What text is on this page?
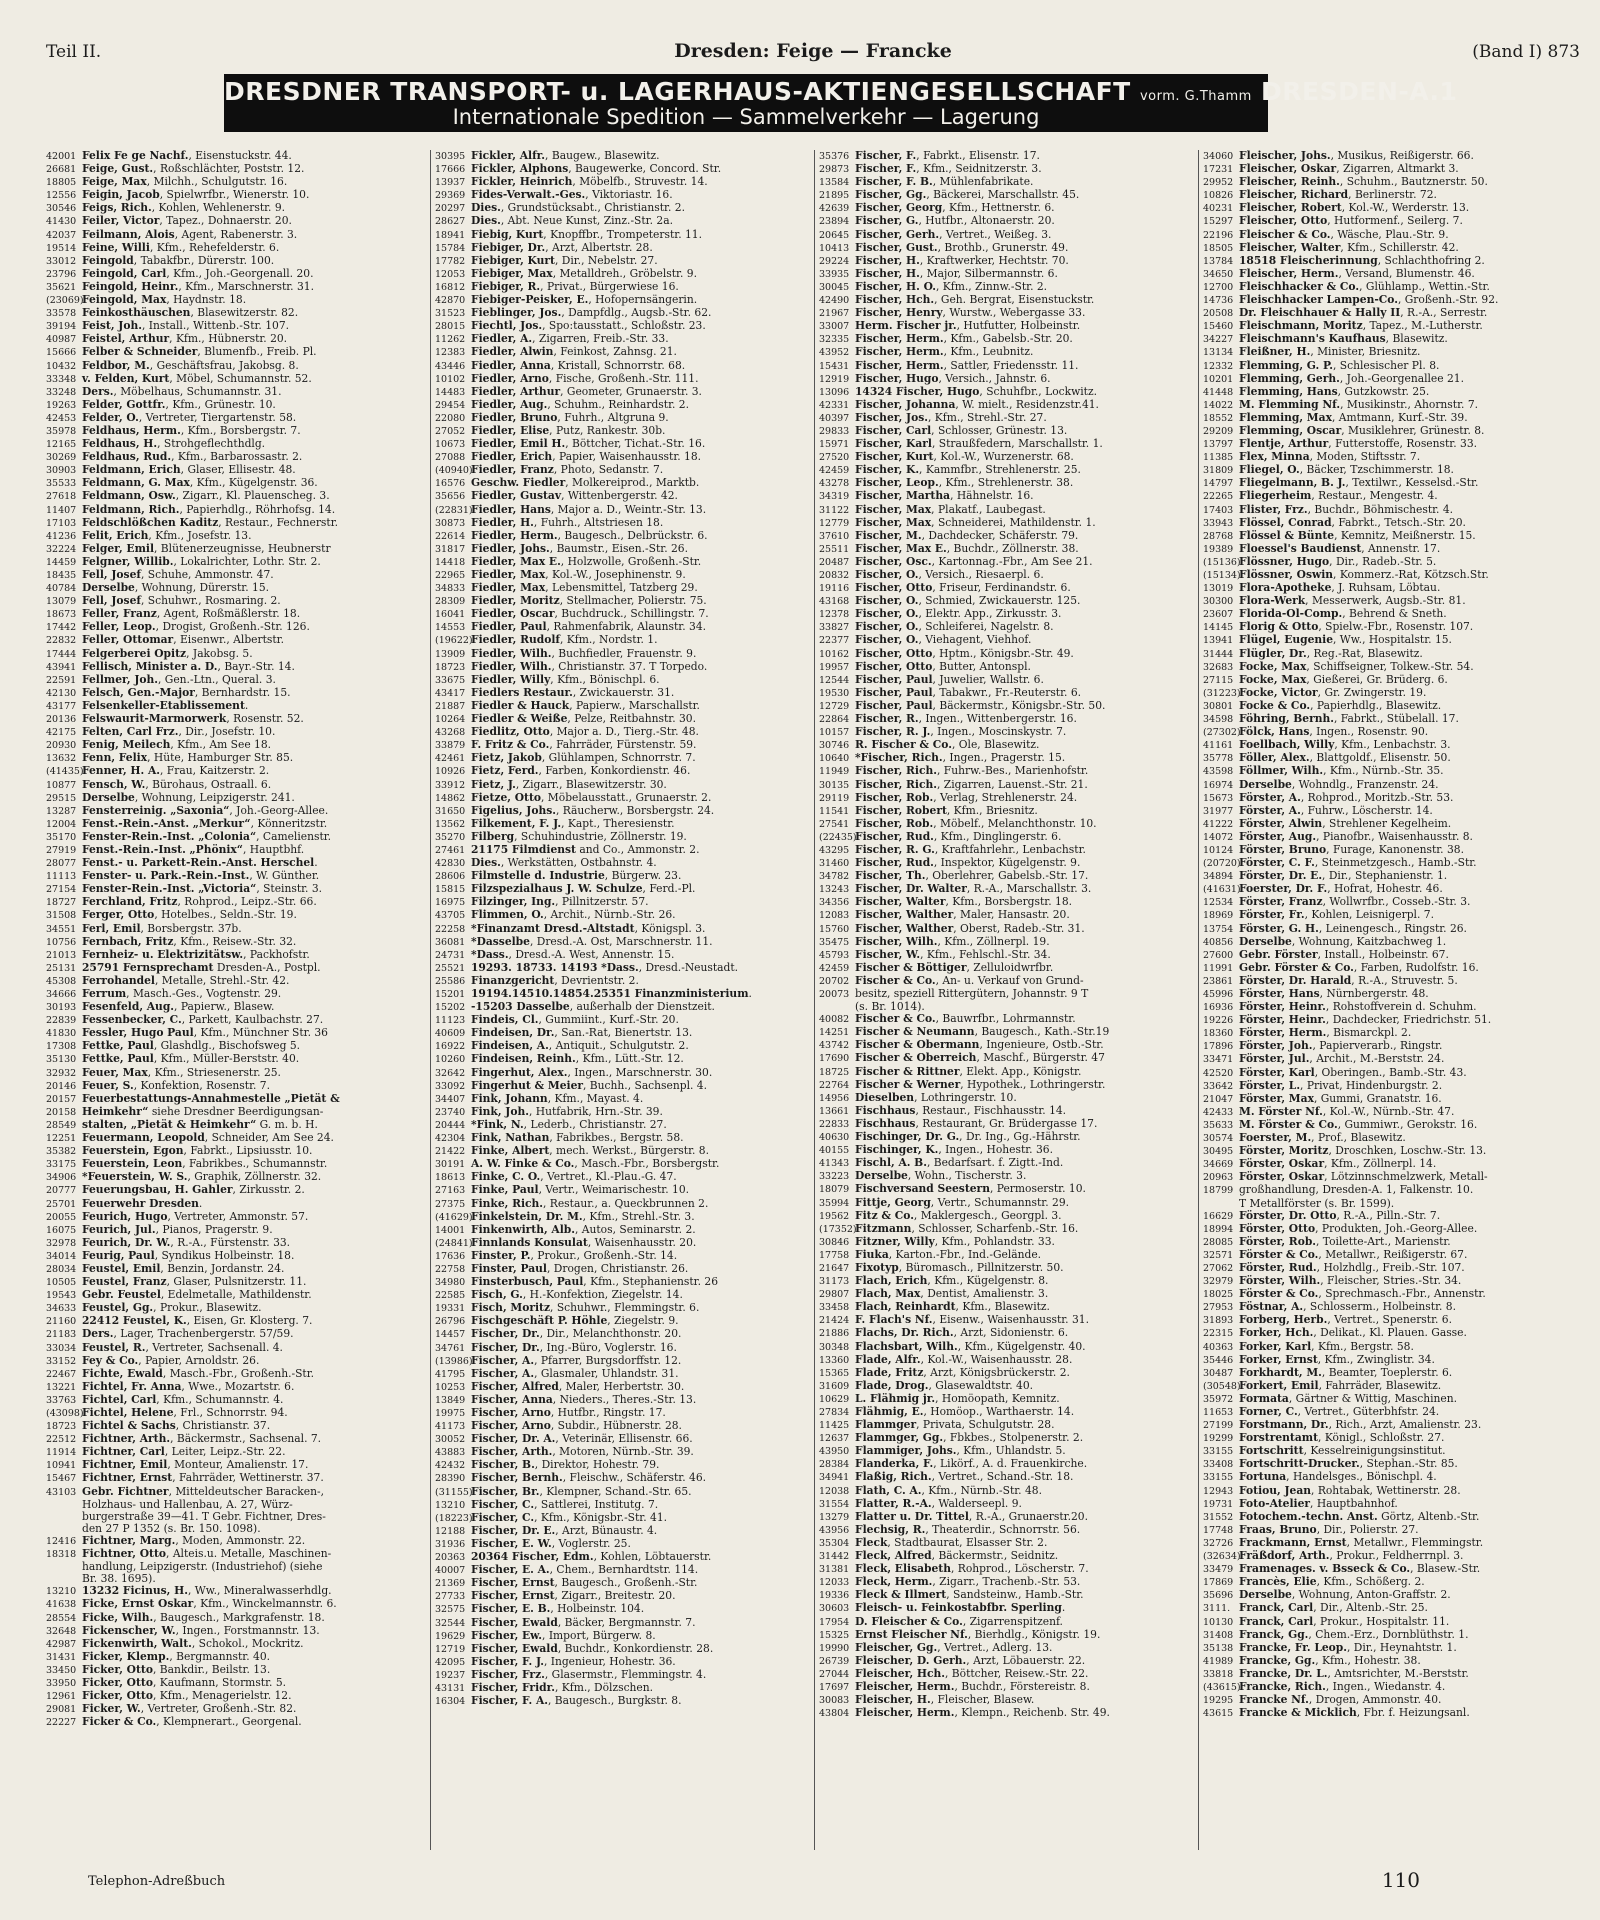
Teil II.	Dresden: Feige — Francke	(Band I) 873
DRESDNER TRANSPORT- u. LAGERHAUS-AKTIENGESELLSCHAFT vorm. G.Thamm DRESDEN-A.1
Internationale Spedition — Sammelverkehr — Lagerung
42001 Felix Fe ge Nachf., Eisenstuckstr. 44.
26681 Feige, Gust., Roßschlächter, Poststr. 12.
18805 Feige, Max, Milchh., Schulgutstr. 16.
12556 Feigin, Jacob, Spielwrfbr., Wienerstr. 10.
30546 Feigs, Rich., Kohlen, Wehlenerstr. 9.
41430 Feiler, Victor, Tapez., Dohnaerstr. 20.
42037 Feilmann, Alois, Agent, Rabenerstr. 3.
19514 Feine, Willi, Kfm., Rehefelderstr. 6.
33012 Feingold, Tabakfbr., Dürerstr. 100.
23796 Feingold, Carl, Kfm., Joh.-Georgenall. 20.
35621 Feingold, Heinr., Kfm., Marschnerstr. 31.
(23069)Feingold, Max, Haydnstr. 18.
33578 Feinkosthäuschen, Blasewitzerstr. 82.
39194 Feist, Joh., Install., Wittenb.-Str. 107.
40987 Feistel, Arthur, Kfm., Hübnerstr. 20.
15666 Felber & Schneider, Blumenfb., Freib. Pl.
10432 Feldbor, M., Geschäftsfrau, Jakobsg. 8.
33348 v. Felden, Kurt, Möbel, Schumannstr. 52.
33248 Ders., Möbelhaus, Schumannstr. 31.
19263 Felder, Gottfr., Kfm., Grünestr. 10.
42453 Felder, O., Vertreter, Tiergartenstr. 58.
35978 Feldhaus, Herm., Kfm., Borsbergstr. 7.
12165 Feldhaus, H., Strohgeflechthdlg.
30269 Feldhaus, Rud., Kfm., Barbarossastr. 2.
30903 Feldmann, Erich, Glaser, Ellisestr. 48.
35533 Feldmann, G. Max, Kfm., Kügelgenstr. 36.
27618 Feldmann, Osw., Zigarr., Kl. Plauenscheg. 3.
11407 Feldmann, Rich., Papierhdlg., Röhrhofsg. 14.
17103 Feldschlößchen Kaditz, Restaur., Fechnerstr.
41236 Felit, Erich, Kfm., Josefstr. 13.
32224 Felger, Emil, Blütenerzeugnisse, Heubnerstr
14459 Felgner, Willib., Lokalrichter, Lothr. Str. 2.
18435 Fell, Josef, Schuhe, Ammonstr. 47.
40784 Derselbe, Wohnung, Dürerstr. 15.
13079 Fell, Josef, Schuhwr., Rosmaring. 2.
18673 Feller, Franz, Agent, Roßmäßlerstr. 18.
17442 Feller, Leop., Drogist, Großenh.-Str. 126.
22832 Feller, Ottomar, Eisenwr., Albertstr.
17444 Felgerberei Opitz, Jakobsg. 5.
43941 Fellisch, Minister a. D., Bayr.-Str. 14.
22591 Fellmer, Joh., Gen.-Ltn., Queral. 3.
42130 Felsch, Gen.-Major, Bernhardstr. 15.
43177 Felsenkeller-Etablissement.
20136 Felswaurit-Marmorwerk, Rosenstr. 52.
42175 Felten, Carl Frz., Dir., Josefstr. 10.
20930 Fenig, Meilech, Kfm., Am See 18.
13632 Fenn, Felix, Hüte, Hamburger Str. 85.
(41435)Fenner, H. A., Frau, Kaitzerstr. 2.
10877 Fensch, W., Bürohaus, Ostraall. 6.
29515 Derselbe, Wohnung, Leipzigerstr. 241.
13287 Fensterreinig. „Saxonia“, Joh.-Georg-Allee.
12004 Fenst.-Rein.-Anst. „Merkur“, Könneritzstr.
35170 Fenster-Rein.-Inst. „Colonia“, Camelienstr.
27919 Fenst.-Rein.-Inst. „Phönix“, Hauptbhf.
28077 Fenst.- u. Parkett-Rein.-Anst. Herschel.
11113 Fenster- u. Park.-Rein.-Inst., W. Günther.
27154 Fenster-Rein.-Inst. „Victoria“, Steinstr. 3.
18727 Ferchland, Fritz, Rohprod., Leipz.-Str. 66.
31508 Ferger, Otto, Hotelbes., Seldn.-Str. 19.
34551 Ferl, Emil, Borsbergstr. 37b.
10756 Fernbach, Fritz, Kfm., Reisew.-Str. 32.
21013 Fernheiz- u. Elektrizitätsw., Packhofstr.
25131 25791 Fernsprechamt Dresden-A., Postpl.
45308 Ferrohandel, Metalle, Strehl.-Str. 42.
34666 Ferrum, Masch.-Ges., Vogtenstr. 29.
30193 Fesenfeld, Aug., Papierw., Blasew.
22839 Fessenbecker, C., Parkett, Kaulbachstr. 27.
41830 Fessler, Hugo Paul, Kfm., Münchner Str. 36
17308 Fettke, Paul, Glashdlg., Bischofsweg 5.
35130 Fettke, Paul, Kfm., Müller-Berststr. 40.
32932 Feuer, Max, Kfm., Striesenerstr. 25.
20146 Feuer, S., Konfektion, Rosenstr. 7.
20157 Feuerbestattungs-Annahmestelle „Pietät &
20158 Heimkehr“ siehe Dresdner Beerdigungsan-
28549 stalten, „Pietät & Heimkehr“ G. m. b. H.
12251 Feuermann, Leopold, Schneider, Am See 24.
35382 Feuerstein, Egon, Fabrkt., Lipsiusstr. 10.
33175 Feuerstein, Leon, Fabrikbes., Schumannstr.
34906 *Feuerstein, W. S., Graphik, Zöllnerstr. 32.
20777 Feuerungsbau, H. Gahler, Zirkusstr. 2.
25701 Feuerwehr Dresden.
20055 Feurich, Hugo, Vertreter, Ammonstr. 57.
16075 Feurich, Jul., Pianos, Pragerstr. 9.
32978 Feurich, Dr. W., R.-A., Fürstenstr. 33.
34014 Feurig, Paul, Syndikus Holbeinstr. 18.
28034 Feustel, Emil, Benzin, Jordanstr. 24.
10505 Feustel, Franz, Glaser, Pulsnitzerstr. 11.
19543 Gebr. Feustel, Edelmetalle, Mathildenstr.
34633 Feustel, Gg., Prokur., Blasewitz.
21160 22412 Feustel, K., Eisen, Gr. Klosterg. 7.
21183 Ders., Lager, Trachenbergerstr. 57/59.
33034 Feustel, R., Vertreter, Sachsenall. 4.
33152 Fey & Co., Papier, Arnoldstr. 26.
22467 Fichte, Ewald, Masch.-Fbr., Großenh.-Str.
13221 Fichtel, Fr. Anna, Wwe., Mozartstr. 6.
33763 Fichtel, Carl, Kfm., Schumannstr. 4.
(43098)Fichtel, Helene, Frl., Schnorrstr. 94.
18723 Fichtel & Sachs, Christianstr. 37.
22512 Fichtner, Arth., Bäckermstr., Sachsenal. 7.
11914 Fichtner, Carl, Leiter, Leipz.-Str. 22.
10941 Fichtner, Emil, Monteur, Amalienstr. 17.
15467 Fichtner, Ernst, Fahrräder, Wettinerstr. 37.
43103 Gebr. Fichtner, Mitteldeutscher Baracken-,
Holzhaus- und Hallenbau, A. 27, Würz-
burgerstraße 39—41. T Gebr. Fichtner, Dres-
den 27 P 1352 (s. Br. 150. 1098).
12416 Fichtner, Marg., Moden, Ammonstr. 22.
18318 Fichtner, Otto, Alteis.u. Metalle, Maschinen-
handlung, Leipzigerstr. (Industriehof) (siehe
Br. 38. 1695).
13210 13232 Ficinus, H., Ww., Mineralwasserhdlg.
41638 Ficke, Ernst Oskar, Kfm., Winckelmannstr. 6.
28554 Ficke, Wilh., Baugesch., Markgrafenstr. 18.
32648 Fickenscher, W., Ingen., Forstmannstr. 13.
42987 Fickenwirth, Walt., Schokol., Mockritz.
31431 Ficker, Klemp., Bergmannstr. 40.
33450 Ficker, Otto, Bankdir., Beilstr. 13.
33950 Ficker, Otto, Kaufmann, Stormstr. 5.
12961 Ficker, Otto, Kfm., Menagerielstr. 12.
29081 Ficker, W., Vertreter, Großenh.-Str. 82.
22227 Ficker & Co., Klempnerart., Georgenal.
30395 Fickler, Alfr., Baugew., Blasewitz.
17666 Fickler, Alphons, Baugewerke, Concord. Str.
13937 Fickler, Heinrich, Möbelfb., Struvestr. 14.
29369 Fides-Verwalt.-Ges., Viktoriastr. 16.
20297 Dies., Grundstücksabt., Christianstr. 2.
28627 Dies., Abt. Neue Kunst, Zinz.-Str. 2a.
18941 Fiebig, Kurt, Knopffbr., Trompeterstr. 11.
15784 Fiebiger, Dr., Arzt, Albertstr. 28.
17782 Fiebiger, Kurt, Dir., Nebelstr. 27.
12053 Fiebiger, Max, Metalldreh., Gröbelstr. 9.
16812 Fiebiger, R., Privat., Bürgerwiese 16.
42870 Fiebiger-Peisker, E., Hofopernsängerin.
31523 Fieblinger, Jos., Dampfdlg., Augsb.-Str. 62.
28015 Fiechtl, Jos., Spo:tausstatt., Schloßstr. 23.
11262 Fiedler, A., Zigarren, Freib.-Str. 33.
12383 Fiedler, Alwin, Feinkost, Zahnsg. 21.
43446 Fiedler, Anna, Kristall, Schnorrstr. 68.
10102 Fiedler, Arno, Fische, Großenh.-Str. 111.
14483 Fiedler, Arthur, Geometer, Grunaerstr. 3.
29454 Fiedler, Aug., Schuhm., Reinhardstr. 2.
22080 Fiedler, Bruno, Fuhrh., Altgruna 9.
27052 Fiedler, Elise, Putz, Rankestr. 30b.
10673 Fiedler, Emil H., Böttcher, Tichat.-Str. 16.
27088 Fiedler, Erich, Papier, Waisenhausstr. 18.
(40940)Fiedler, Franz, Photo, Sedanstr. 7.
16576 Geschw. Fiedler, Molkereiprod., Marktb.
35656 Fiedler, Gustav, Wittenbergerstr. 42.
(22831)Fiedler, Hans, Major a. D., Weintr.-Str. 13.
30873 Fiedler, H., Fuhrh., Altstriesen 18.
22614 Fiedler, Herm., Baugesch., Delbrückstr. 6.
31817 Fiedler, Johs., Baumstr., Eisen.-Str. 26.
14418 Fiedler, Max E., Holzwolle, Großenh.-Str.
22965 Fiedler, Max, Kol.-W., Josephinenstr. 9.
34833 Fiedler, Max, Lebensmittel, Tatzberg 29.
28309 Fiedler, Moritz, Stellmacher, Polierstr. 75.
16041 Fiedler, Oscar, Buchdruck., Schillingstr. 7.
14553 Fiedler, Paul, Rahmenfabrik, Alaunstr. 34.
(19622)Fiedler, Rudolf, Kfm., Nordstr. 1.
13909 Fiedler, Wilh., Buchfiedler, Frauenstr. 9.
18723 Fiedler, Wilh., Christianstr. 37. T Torpedo.
33675 Fiedler, Willy, Kfm., Bönischpl. 6.
43417 Fiedlers Restaur., Zwickauerstr. 31.
21887 Fiedler & Hauck, Papierw., Marschallstr.
10264 Fiedler & Weiße, Pelze, Reitbahnstr. 30.
43268 Fiedlitz, Otto, Major a. D., Tierg.-Str. 48.
33879 F. Fritz & Co., Fahrräder, Fürstenstr. 59.
42461 Fietz, Jakob, Glühlampen, Schnorrstr. 7.
10926 Fietz, Ferd., Farben, Konkordienstr. 46.
33912 Fietz, J., Zigarr., Blasewitzerstr. 30.
14862 Fietze, Otto, Möbelausstatt., Grunaerstr. 2.
31650 Figelius, Johs., Räucherw., Borsbergstr. 24.
13562 Filkement, F. J., Kapt., Theresienstr.
35270 Filberg, Schuhindustrie, Zöllnerstr. 19.
27461 21175 Filmdienst and Co., Ammonstr. 2.
42830 Dies., Werkstätten, Ostbahnstr. 4.
28606 Filmstelle d. Industrie, Bürgerw. 23.
15815 Filzspezialhaus J. W. Schulze, Ferd.-Pl.
16975 Filzinger, Ing., Pillnitzerstr. 57.
43705 Flimmen, O., Archit., Nürnb.-Str. 26.
22258 *Finanzamt Dresd.-Altstadt, Königspl. 3.
36081 *Dasselbe, Dresd.-A. Ost, Marschnerstr. 11.
24731 *Dass., Dresd.-A. West, Annenstr. 15.
25521 19293. 18733. 14193 *Dass., Dresd.-Neustadt.
25586 Finanzgericht, Devrientstr. 2.
15201 19194.14510.14854.25351 Finanzministerium.
15202 -15203 Dasselbe, außerhalb der Dienstzeit.
11123 Findeis, Cl., Gummiint., Kurf.-Str. 20.
40609 Findeisen, Dr., San.-Rat, Bienertstr. 13.
16922 Findeisen, A., Antiquit., Schulgutstr. 2.
10260 Findeisen, Reinh., Kfm., Lütt.-Str. 12.
32642 Fingerhut, Alex., Ingen., Marschnerstr. 30.
33092 Fingerhut & Meier, Buchh., Sachsenpl. 4.
34407 Fink, Johann, Kfm., Mayast. 4.
23740 Fink, Joh., Hutfabrik, Hrn.-Str. 39.
20444 *Fink, N., Lederb., Christianstr. 27.
42304 Fink, Nathan, Fabrikbes., Bergstr. 58.
21422 Finke, Albert, mech. Werkst., Bürgerstr. 8.
30191 A. W. Finke & Co., Masch.-Fbr., Borsbergstr.
18613 Finke, C. O., Vertret., Kl.-Plau.-G. 47.
27163 Finke, Paul, Vertr., Weimarischestr. 10.
27375 Finke, Rich., Restaur., a. Queckbrunnen 2.
(41629)Finkelstein, Dr. M., Kfm., Strehl.-Str. 3.
14001 Finkenwirth, Alb., Autos, Seminarstr. 2.
(24841)Finnlands Konsulat, Waisenhausstr. 20.
17636 Finster, P., Prokur., Großenh.-Str. 14.
22758 Finster, Paul, Drogen, Christianstr. 26.
34980 Finsterbusch, Paul, Kfm., Stephanienstr. 26
22585 Fisch, G., H.-Konfektion, Ziegelstr. 14.
19331 Fisch, Moritz, Schuhwr., Flemmingstr. 6.
26796 Fischgeschäft P. Höhle, Ziegelstr. 9.
14457 Fischer, Dr., Dir., Melanchthonstr. 20.
34761 Fischer, Dr., Ing.-Büro, Voglerstr. 16.
(13986)Fischer, A., Pfarrer, Burgsdorffstr. 12.
41795 Fischer, A., Glasmaler, Uhlandstr. 31.
10253 Fischer, Alfred, Maler, Herbertstr. 30.
13849 Fischer, Anna, Nieders., Theres.-Str. 13.
19975 Fischer, Arno, Hutfbr., Ringstr. 17.
41173 Fischer, Arno, Subdir., Hübnerstr. 28.
30052 Fischer, Dr. A., Veterinär, Ellisenstr. 66.
43883 Fischer, Arth., Motoren, Nürnb.-Str. 39.
42432 Fischer, B., Direktor, Hohestr. 79.
28390 Fischer, Bernh., Fleischw., Schäferstr. 46.
(31155)Fischer, Br., Klempner, Schand.-Str. 65.
13210 Fischer, C., Sattlerei, Institutg. 7.
(18223)Fischer, C., Kfm., Königsbr.-Str. 41.
12188 Fischer, Dr. E., Arzt, Bünaustr. 4.
31936 Fischer, E. W., Voglerstr. 25.
20363 20364 Fischer, Edm., Kohlen, Löbtauerstr.
40007 Fischer, E. A., Chem., Bernhardtstr. 114.
21369 Fischer, Ernst, Baugesch., Großenh.-Str.
27733 Fischer, Ernst, Zigarr., Breitestr. 20.
32575 Fischer, E. B., Holbeinstr. 104.
32544 Fischer, Ewald, Bäcker, Bergmannstr. 7.
19629 Fischer, Ew., Import, Bürgerw. 8.
12719 Fischer, Ewald, Buchdr., Konkordienstr. 28.
42095 Fischer, F. J., Ingenieur, Hohestr. 36.
19237 Fischer, Frz., Glasermstr., Flemmingstr. 4.
43131 Fischer, Fridr., Kfm., Dölzschen.
16304 Fischer, F. A., Baugesch., Burgkstr. 8.
35376 Fischer, F., Fabrkt., Elisenstr. 17.
29873 Fischer, F., Kfm., Seidnitzerstr. 3.
13584 Fischer, F. B., Mühlenfabrikate.
21895 Fischer, Gg., Bäckerei, Marschallstr. 45.
42639 Fischer, Georg, Kfm., Hettnerstr. 6.
23894 Fischer, G., Hutfbr., Altonaerstr. 20.
20645 Fischer, Gerh., Vertret., Weißeg. 3.
10413 Fischer, Gust., Brothb., Grunerstr. 49.
29224 Fischer, H., Kraftwerker, Hechtstr. 70.
33935 Fischer, H., Major, Silbermannstr. 6.
30045 Fischer, H. O., Kfm., Zinnw.-Str. 2.
42490 Fischer, Hch., Geh. Bergrat, Eisenstuckstr.
21967 Fischer, Henry, Wurstw., Webergasse 33.
33007 Herm. Fischer jr., Hutfutter, Holbeinstr.
32335 Fischer, Herm., Kfm., Gabelsb.-Str. 20.
43952 Fischer, Herm., Kfm., Leubnitz.
15431 Fischer, Herm., Sattler, Friedensstr. 11.
12919 Fischer, Hugo, Versich., Jahnstr. 6.
13096 14324 Fischer, Hugo, Schuhfbr., Lockwitz.
42331 Fischer, Johanna, W. mielt., Residenzstr.41.
40397 Fischer, Jos., Kfm., Strehl.-Str. 27.
29833 Fischer, Carl, Schlosser, Grünestr. 13.
15971 Fischer, Karl, Straußfedern, Marschallstr. 1.
27520 Fischer, Kurt, Kol.-W., Wurzenerstr. 68.
42459 Fischer, K., Kammfbr., Strehlenerstr. 25.
43278 Fischer, Leop., Kfm., Strehlenerstr. 38.
34319 Fischer, Martha, Hähnelstr. 16.
31122 Fischer, Max, Plakatf., Laubegast.
12779 Fischer, Max, Schneiderei, Mathildenstr. 1.
37610 Fischer, M., Dachdecker, Schäferstr. 79.
25511 Fischer, Max E., Buchdr., Zöllnerstr. 38.
20487 Fischer, Osc., Kartonnag.-Fbr., Am See 21.
20832 Fischer, O., Versich., Riesaerpl. 6.
19116 Fischer, Otto, Friseur, Ferdinandstr. 6.
43168 Fischer, O., Schmied, Zwickauerstr. 125.
12378 Fischer, O., Elektr. App., Zirkusstr. 3.
33827 Fischer, O., Schleiferei, Nagelstr. 8.
22377 Fischer, O., Viehagent, Viehhof.
10162 Fischer, Otto, Hptm., Königsbr.-Str. 49.
19957 Fischer, Otto, Butter, Antonspl.
12544 Fischer, Paul, Juwelier, Wallstr. 6.
19530 Fischer, Paul, Tabakwr., Fr.-Reuterstr. 6.
12729 Fischer, Paul, Bäckermstr., Königsbr.-Str. 50.
22864 Fischer, R., Ingen., Wittenbergerstr. 16.
10157 Fischer, R. J., Ingen., Moscinskystr. 7.
30746 R. Fischer & Co., Öle, Blasewitz.
10640 *Fischer, Rich., Ingen., Pragerstr. 15.
11949 Fischer, Rich., Fuhrw.-Bes., Marienhofstr.
30135 Fischer, Rich., Zigarren, Lauenst.-Str. 21.
29119 Fischer, Rob., Verlag, Strehlenerstr. 24.
11541 Fischer, Robert, Kfm., Briesnitz.
27541 Fischer, Rob., Möbelf., Melanchthonstr. 10.
(22435)Fischer, Rud., Kfm., Dinglingerstr. 6.
43295 Fischer, R. G., Kraftfahrlehr., Lenbachstr.
31460 Fischer, Rud., Inspektor, Kügelgenstr. 9.
34782 Fischer, Th., Oberlehrer, Gabelsb.-Str. 17.
13243 Fischer, Dr. Walter, R.-A., Marschallstr. 3.
34356 Fischer, Walter, Kfm., Borsbergstr. 18.
12083 Fischer, Walther, Maler, Hansastr. 20.
15760 Fischer, Walther, Oberst, Radeb.-Str. 31.
35475 Fischer, Wilh., Kfm., Zöllnerpl. 19.
45793 Fischer, W., Kfm., Fehlschl.-Str. 34.
42459 Fischer & Böttiger, Zelluloidwrfbr.
20702 Fischer & Co., An- u. Verkauf von Grund-
20073 besitz, speziell Rittergütern, Johannstr. 9 T
(s. Br. 1014).
40082 Fischer & Co., Bauwrfbr., Lohrmannstr.
14251 Fischer & Neumann, Baugesch., Kath.-Str.19
43742 Fischer & Obermann, Ingenieure, Ostb.-Str.
17690 Fischer & Oberreich, Maschf., Bürgerstr. 47
18725 Fischer & Rittner, Elekt. App., Königstr.
22764 Fischer & Werner, Hypothek., Lothringerstr.
14956 Dieselben, Lothringerstr. 10.
13661 Fischhaus, Restaur., Fischhausstr. 14.
22833 Fischhaus, Restaurant, Gr. Brüdergasse 17.
40630 Fischinger, Dr. G., Dr. Ing., Gg.-Hährstr.
40155 Fischinger, K., Ingen., Hohestr. 36.
41343 Fischl, A. B., Bedarfsart. f. Zigtt.-Ind.
33223 Derselbe, Wohn., Tischerstr. 3.
18079 Fischversand Seestern, Permoserstr. 10.
35994 Fittje, Georg, Vertr., Schumannstr. 29.
19562 Fitz & Co., Maklergesch., Georgpl. 3.
(17352)Fitzmann, Schlosser, Scharfenb.-Str. 16.
30846 Fitzner, Willy, Kfm., Pohlandstr. 33.
17758 Fiuka, Karton.-Fbr., Ind.-Gelände.
21647 Fixotyp, Büromasch., Pillnitzerstr. 50.
31173 Flach, Erich, Kfm., Kügelgenstr. 8.
29807 Flach, Max, Dentist, Amalienstr. 3.
33458 Flach, Reinhardt, Kfm., Blasewitz.
21424 F. Flach's Nf., Eisenw., Waisenhausstr. 31.
21886 Flachs, Dr. Rich., Arzt, Sidonienstr. 6.
30348 Flachsbart, Wilh., Kfm., Kügelgenstr. 40.
13360 Flade, Alfr., Kol.-W., Waisenhausstr. 28.
15365 Flade, Fritz, Arzt, Königsbrückerstr. 2.
31609 Flade, Drog., Glasewaldtstr. 40.
10629 L. Flähmig jr., Homöopath, Kemnitz.
27834 Flähmig, E., Homöop., Warthaerstr. 14.
11425 Flammger, Privata, Schulgutstr. 28.
12637 Flammger, Gg., Fbkbes., Stolpenerstr. 2.
43950 Flammiger, Johs., Kfm., Uhlandstr. 5.
28384 Flanderka, F., Likörf., A. d. Frauenkirche.
34941 Flaßig, Rich., Vertret., Schand.-Str. 18.
12038 Flath, C. A., Kfm., Nürnb.-Str. 48.
31554 Flatter, R.-A., Walderseepl. 9.
13279 Flatter u. Dr. Tittel, R.-A., Grunaerstr.20.
43956 Flechsig, R., Theaterdir., Schnorrstr. 56.
35304 Fleck, Stadtbaurat, Elsasser Str. 2.
31442 Fleck, Alfred, Bäckermstr., Seidnitz.
31381 Fleck, Elisabeth, Rohprod., Löscherstr. 7.
12033 Fleck, Herm., Zigarr., Trachenb.-Str. 53.
19336 Fleck & Illmert, Sandsteinw., Hamb.-Str.
30603 Fleisch- u. Feinkostabfbr. Sperling.
17954 D. Fleischer & Co., Zigarrenspitzenf.
15325 Ernst Fleischer Nf., Bierhdlg., Königstr. 19.
19990 Fleischer, Gg., Vertret., Adlerg. 13.
26739 Fleischer, D. Gerh., Arzt, Löbauerstr. 22.
27044 Fleischer, Hch., Böttcher, Reisew.-Str. 22.
17697 Fleischer, Herm., Buchdr., Förstereistr. 8.
30083 Fleischer, H., Fleischer, Blasew.
43804 Fleischer, Herm., Klempn., Reichenb. Str. 49.
34060 Fleischer, Johs., Musikus, Reißigerstr. 66.
17231 Fleischer, Oskar, Zigarren, Altmarkt 3.
29952 Fleischer, Reinh., Schuhm., Bautznerstr. 50.
10826 Fleischer, Richard, Berlinerstr. 72.
40231 Fleischer, Robert, Kol.-W., Werderstr. 13.
15297 Fleischer, Otto, Hutformenf., Seilerg. 7.
22196 Fleischer & Co., Wäsche, Plau.-Str. 9.
18505 Fleischer, Walter, Kfm., Schillerstr. 42.
13784 18518 Fleischerinnung, Schlachthofring 2.
34650 Fleischer, Herm., Versand, Blumenstr. 46.
12700 Fleischhacker & Co., Glühlamp., Wettin.-Str.
14736 Fleischhacker Lampen-Co., Großenh.-Str. 92.
20508 Dr. Fleischhauer & Hally II, R.-A., Serrestr.
15460 Fleischmann, Moritz, Tapez., M.-Lutherstr.
34227 Fleischmann's Kaufhaus, Blasewitz.
13134 Fleißner, H., Minister, Briesnitz.
12332 Flemming, G. P., Schlesischer Pl. 8.
10201 Flemming, Gerh., Joh.-Georgenallee 21.
41448 Flemming, Hans, Gutzkowstr. 25.
14022 M. Flemming Nf., Musikinstr., Ahornstr. 7.
18552 Flemming, Max, Amtmann, Kurf.-Str. 39.
29209 Flemming, Oscar, Musiklehrer, Grünestr. 8.
13797 Flentje, Arthur, Futterstoffe, Rosenstr. 33.
11385 Flex, Minna, Moden, Stiftsstr. 7.
31809 Fliegel, O., Bäcker, Tzschimmerstr. 18.
14797 Fliegelmann, B. J., Textilwr., Kesselsd.-Str.
22265 Fliegerheim, Restaur., Mengestr. 4.
17403 Flister, Frz., Buchdr., Böhmischestr. 4.
33943 Flössel, Conrad, Fabrkt., Tetsch.-Str. 20.
28768 Flössel & Bünte, Kemnitz, Meißnerstr. 15.
19389 Floessel's Baudienst, Annenstr. 17.
(15136)Flössner, Hugo, Dir., Radeb.-Str. 5.
(15134)Flössner, Oswin, Kommerz.-Rat, Kötzsch.Str.
13019 Flora-Apotheke, J. Ruhsam, Löbtau.
30300 Flora-Werk, Messerwerk, Augsb.-Str. 81.
23607 Florida-Öl-Comp., Behrend & Sneth.
14145 Florig & Otto, Spielw.-Fbr., Rosenstr. 107.
13941 Flügel, Eugenie, Ww., Hospitalstr. 15.
31444 Flügler, Dr., Reg.-Rat, Blasewitz.
32683 Focke, Max, Schiffseigner, Tolkew.-Str. 54.
27115 Focke, Max, Gießerei, Gr. Brüderg. 6.
(31223)Focke, Victor, Gr. Zwingerstr. 19.
30801 Focke & Co., Papierhdlg., Blasewitz.
34598 Föhring, Bernh., Fabrkt., Stübelall. 17.
(27302)Fölck, Hans, Ingen., Rosenstr. 90.
41161 Foellbach, Willy, Kfm., Lenbachstr. 3.
35778 Föller, Alex., Blattgoldf., Elisenstr. 50.
43598 Föllmer, Wilh., Kfm., Nürnb.-Str. 35.
16974 Derselbe, Wohndlg., Franzenstr. 24.
15673 Förster, A., Rohprod., Moritzb.-Str. 53.
31977 Förster, A., Fuhrw., Löscherstr. 14.
41222 Förster, Alwin, Strehlener Kegelheim.
14072 Förster, Aug., Pianofbr., Waisenhausstr. 8.
10124 Förster, Bruno, Furage, Kanonenstr. 38.
(20720)Förster, C. F., Steinmetzgesch., Hamb.-Str.
34894 Förster, Dr. E., Dir., Stephanienstr. 1.
(41631)Foerster, Dr. F., Hofrat, Hohestr. 46.
12534 Förster, Franz, Wollwrfbr., Cosseb.-Str. 3.
18969 Förster, Fr., Kohlen, Leisnigerpl. 7.
13754 Förster, G. H., Leinengesch., Ringstr. 26.
40856 Derselbe, Wohnung, Kaitzbachweg 1.
27600 Gebr. Förster, Install., Holbeinstr. 67.
11991 Gebr. Förster & Co., Farben, Rudolfstr. 16.
23861 Förster, Dr. Harald, R.-A., Struvestr. 5.
45996 Förster, Hans, Nürnbergerstr. 48.
16936 Förster, Heinr., Rohstoffverein d. Schuhm.
19226 Förster, Heinr., Dachdecker, Friedrichstr. 51.
18360 Förster, Herm., Bismarckpl. 2.
17896 Förster, Joh., Papierverarb., Ringstr.
33471 Förster, Jul., Archit., M.-Berststr. 24.
42520 Förster, Karl, Oberingen., Bamb.-Str. 43.
33642 Förster, L., Privat, Hindenburgstr. 2.
21047 Förster, Max, Gummi, Granatstr. 16.
42433 M. Förster Nf., Kol.-W., Nürnb.-Str. 47.
35633 M. Förster & Co., Gummiwr., Gerokstr. 16.
30574 Foerster, M., Prof., Blasewitz.
30495 Förster, Moritz, Droschken, Loschw.-Str. 13.
34669 Förster, Oskar, Kfm., Zöllnerpl. 14.
20963 Förster, Oskar, Lötzinnschmelzwerk, Metall-
18799 großhandlung, Dresden-A. 1, Falkenstr. 10.
T Metallförster (s. Br. 1599).
16629 Förster, Dr. Otto, R.-A., Pilln.-Str. 7.
18994 Förster, Otto, Produkten, Joh.-Georg-Allee.
28085 Förster, Rob., Toilette-Art., Marienstr.
32571 Förster & Co., Metallwr., Reißigerstr. 67.
27062 Förster, Rud., Holzhdlg., Freib.-Str. 107.
32979 Förster, Wilh., Fleischer, Stries.-Str. 34.
18025 Förster & Co., Sprechmasch.-Fbr., Annenstr.
27953 Föstnar, A., Schlosserm., Holbeinstr. 8.
31893 Forberg, Herb., Vertret., Spenerstr. 6.
22315 Forker, Hch., Delikat., Kl. Plauen. Gasse.
40363 Forker, Karl, Kfm., Bergstr. 58.
35446 Forker, Ernst, Kfm., Zwinglistr. 34.
30487 Forkhardt, M., Beamter, Toeplerstr. 6.
(30548)Forkert, Emil, Fahrräder, Blasewitz.
35972 Formata, Gärtner & Wittig, Maschinen.
11653 Forner, C., Vertret., Güterbhfstr. 24.
27199 Forstmann, Dr., Rich., Arzt, Amalienstr. 23.
19299 Forstrentamt, Königl., Schloßstr. 27.
33155 Fortschritt, Kesselreinigungsinstitut.
33408 Fortschritt-Drucker., Stephan.-Str. 85.
33155 Fortuna, Handelsges., Bönischpl. 4.
12943 Fotiou, Jean, Rohtabak, Wettinerstr. 28.
19731 Foto-Atelier, Hauptbahnhof.
31552 Fotochem.-techn. Anst. Görtz, Altenb.-Str.
17748 Fraas, Bruno, Dir., Polierstr. 27.
32726 Frackmann, Ernst, Metallwr., Flemmingstr.
(32634)Fräßdorf, Arth., Prokur., Feldherrnpl. 3.
33479 Framenages. v. Bsseck & Co., Blasew.-Str.
17869 Francès, Elie, Kfm., Schößerg. 2.
35696 Derselbe, Wohnung, Anton-Graffstr. 2.
3111. Franck, Carl, Dir., Altenb.-Str. 25.
10130 Franck, Carl, Prokur., Hospitalstr. 11.
31408 Franck, Gg., Chem.-Erz., Dornblüthstr. 1.
35138 Francke, Fr. Leop., Dir., Heynahtstr. 1.
41989 Francke, Gg., Kfm., Hohestr. 38.
33818 Francke, Dr. L., Amtsrichter, M.-Berststr.
(43615)Francke, Rich., Ingen., Wiedanstr. 4.
19295 Francke Nf., Drogen, Ammonstr. 40.
43615 Francke & Micklich, Fbr. f. Heizungsanl.
Telephon-Adreßbuch	110
